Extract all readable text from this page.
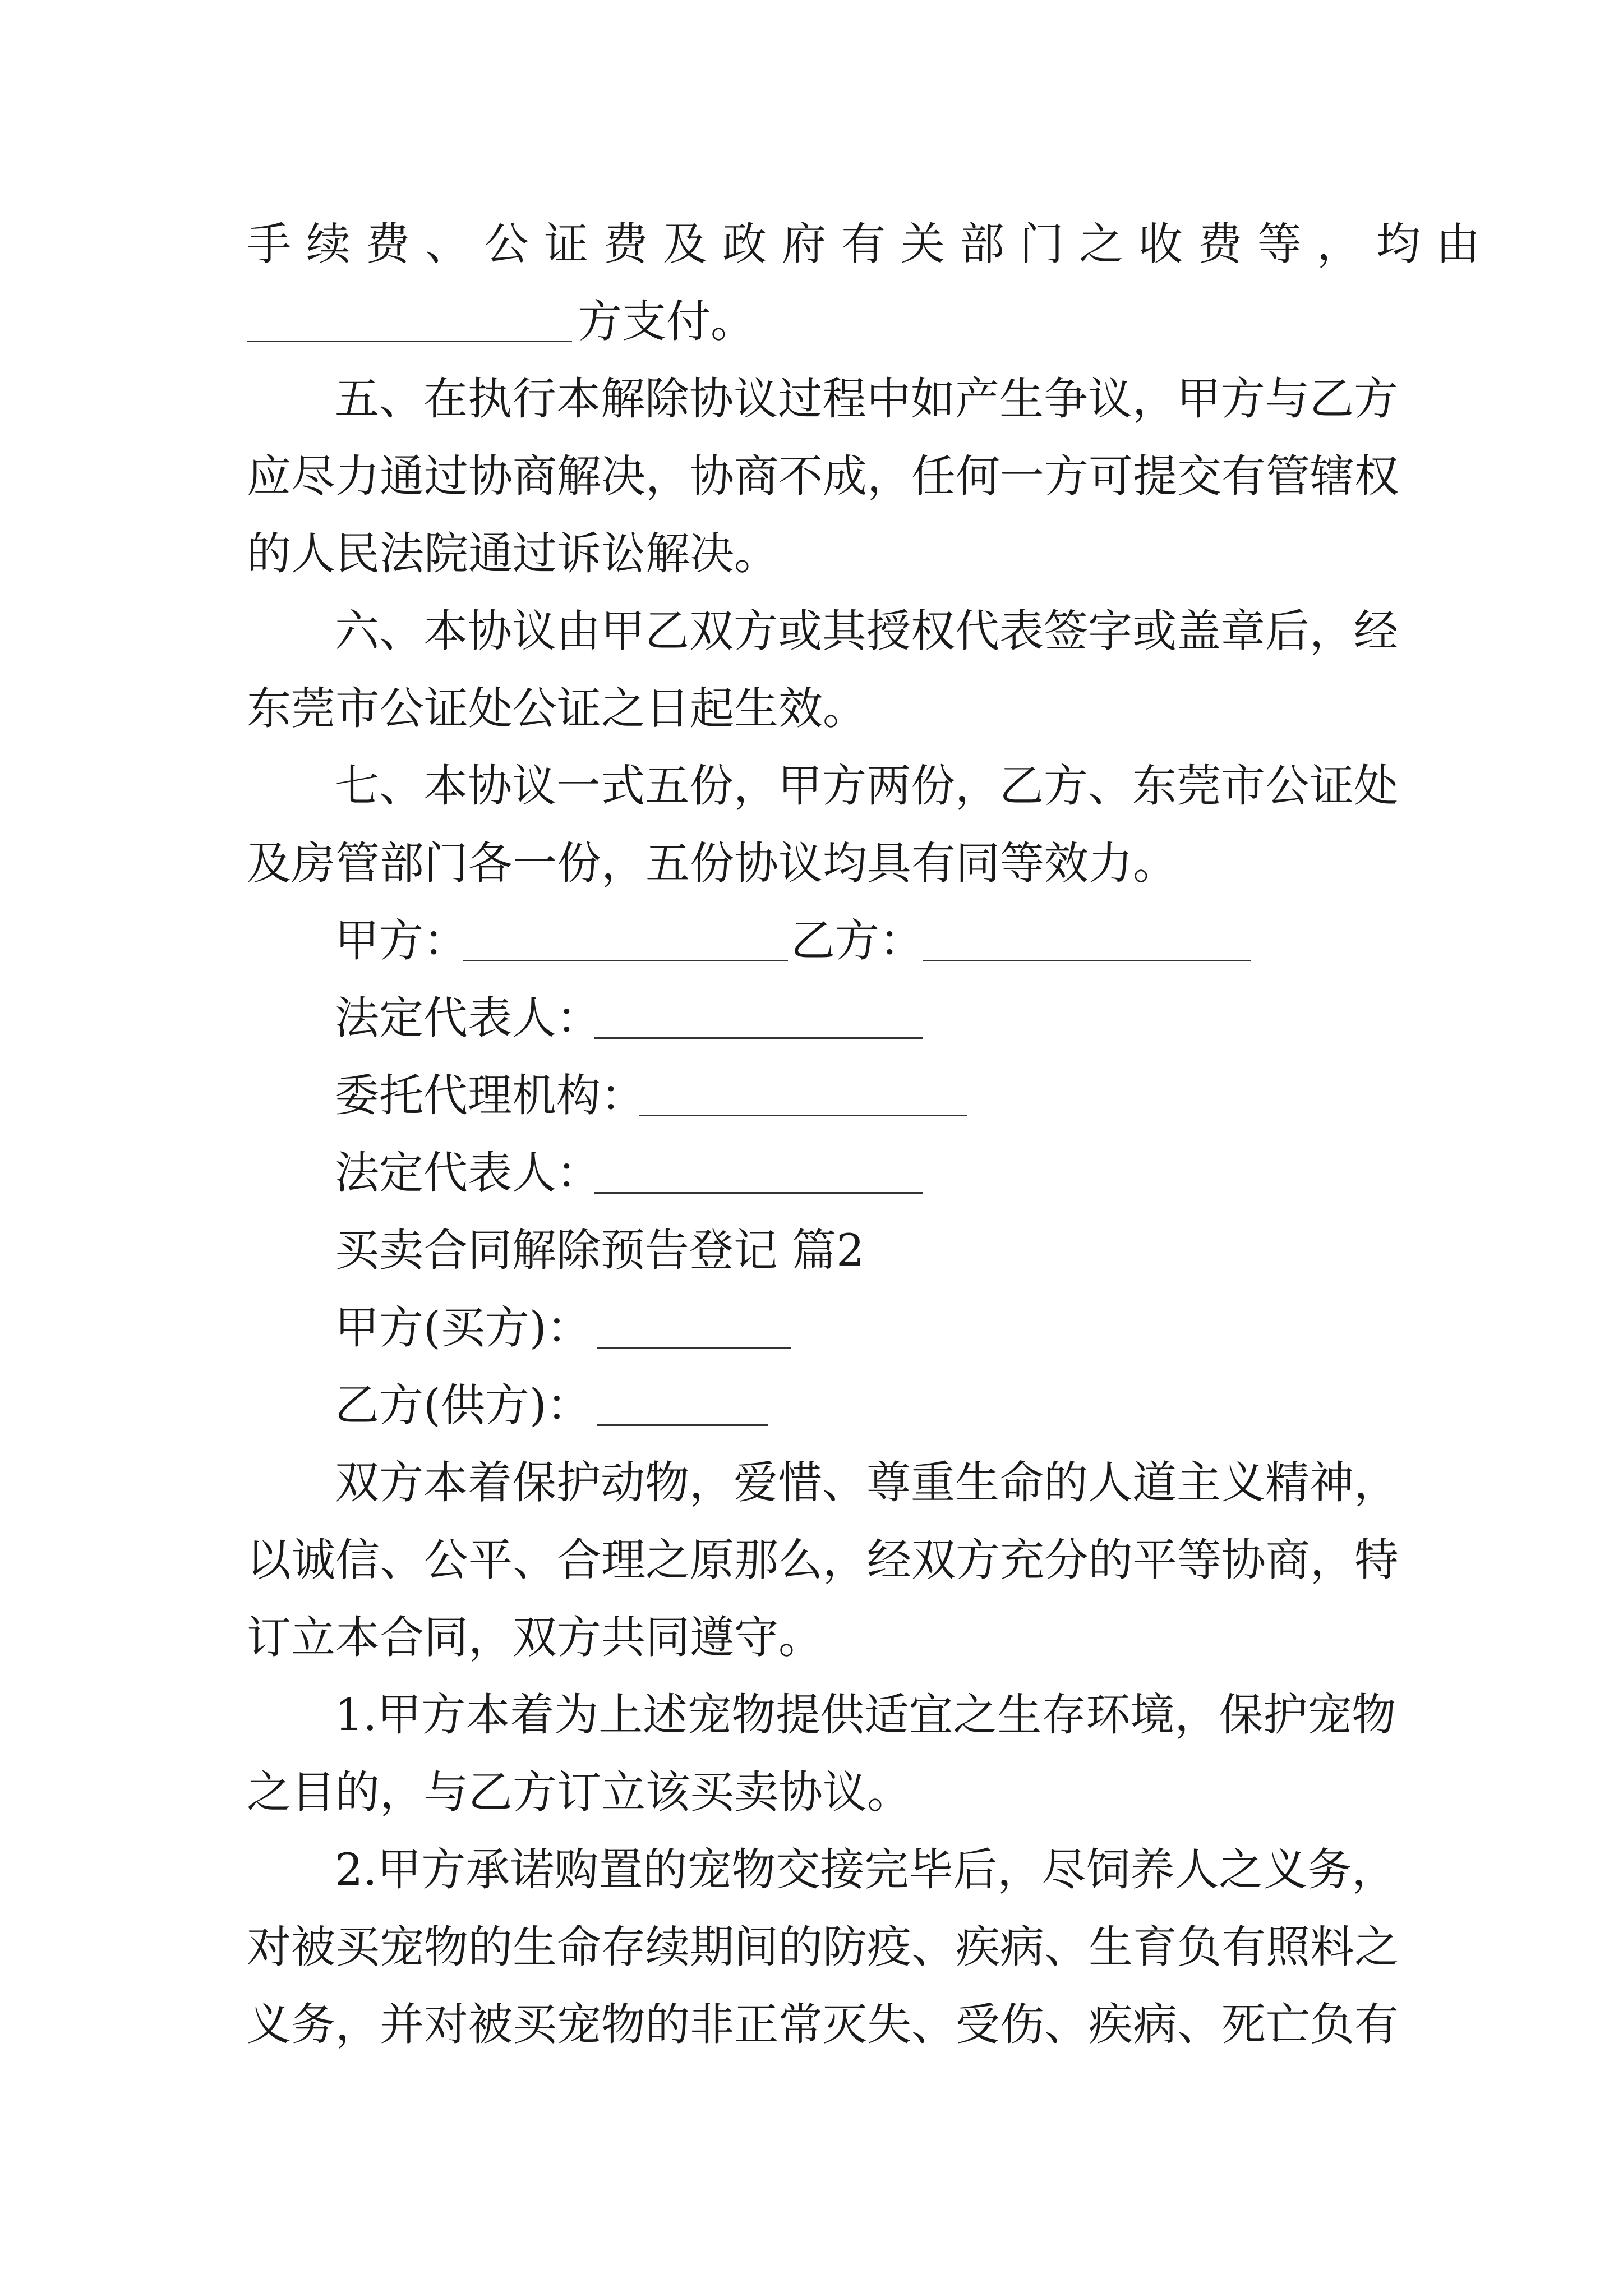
手续费、公证费及政府有关部门之收费等，均由
方支付。
五、在执行本解除协议过程中如产生争议，甲方与乙方
应尽力通过协商解决，协商不成，任何一方可提交有管辖权
的人民法院通过诉讼解决。
六、本协议由甲乙双方或其授权代表签字或盖章后，经
东莞市公证处公证之日起生效。
七、本协议一式五份，甲方两份，乙方、东莞市公证处
及房管部门各一份，五份协议均具有同等效力。
甲方：	乙方：
法定代表人：
委托代理机构：
法定代表人：
买卖合同解除预告登记 篇2
甲方(买方)：
乙方(供方)：
双方本着保护动物，爱惜、尊重生命的人道主义精神，
以诚信、公平、合理之原那么，经双方充分的平等协商，特
订立本合同，双方共同遵守。
1.甲方本着为上述宠物提供适宜之生存环境，保护宠物
之目的，与乙方订立该买卖协议。
2.甲方承诺购置的宠物交接完毕后，尽饲养人之义务，
对被买宠物的生命存续期间的防疫、疾病、生育负有照料之
义务，并对被买宠物的非正常灭失、受伤、疾病、死亡负有
